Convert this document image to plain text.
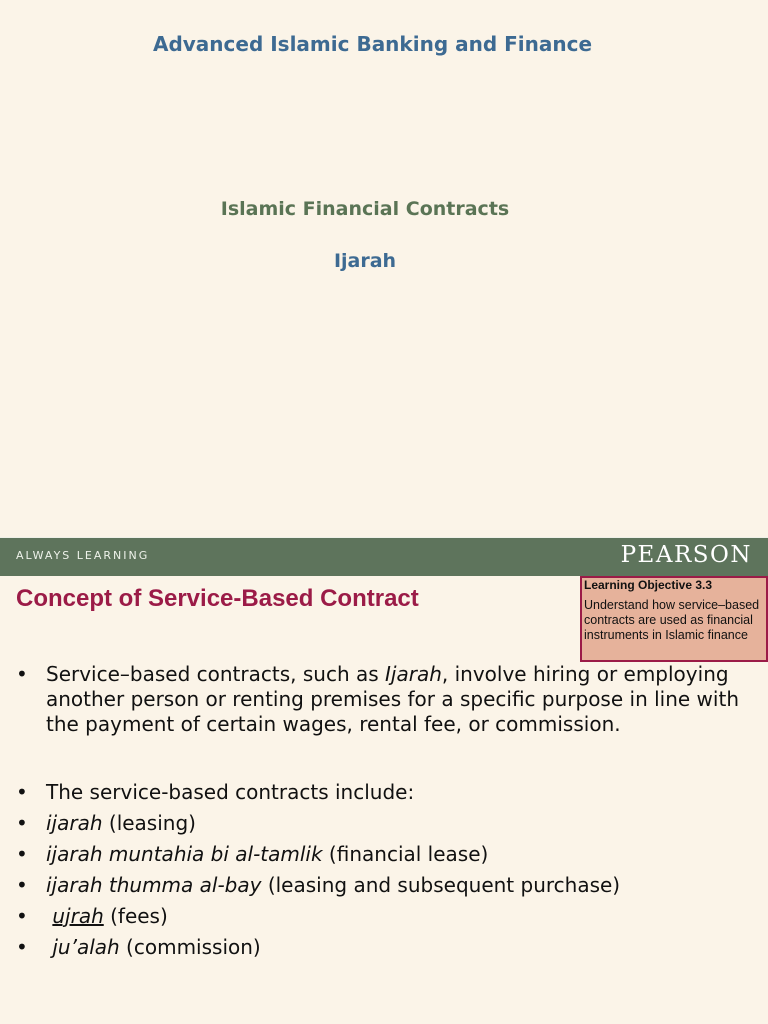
Advanced Islamic Banking and Finance
Islamic Financial Contracts
Ijarah
ALWAYS LEARNING	PEARSON
Concept of Service-Based Contract	Learning Objective 3.3
Understand how service–based contracts are used as financial instruments in Islamic finance
• Service–based contracts, such as Ijarah, involve hiring or employing another person or renting premises for a specific purpose in line with the payment of certain wages, rental fee, or commission.
• The service-based contracts include:
• ijarah (leasing)
• ijarah muntahia bi al-tamlik (financial lease)
• ijarah thumma al-bay (leasing and subsequent purchase)
•	ujrah (fees)
•	ju’alah (commission)
